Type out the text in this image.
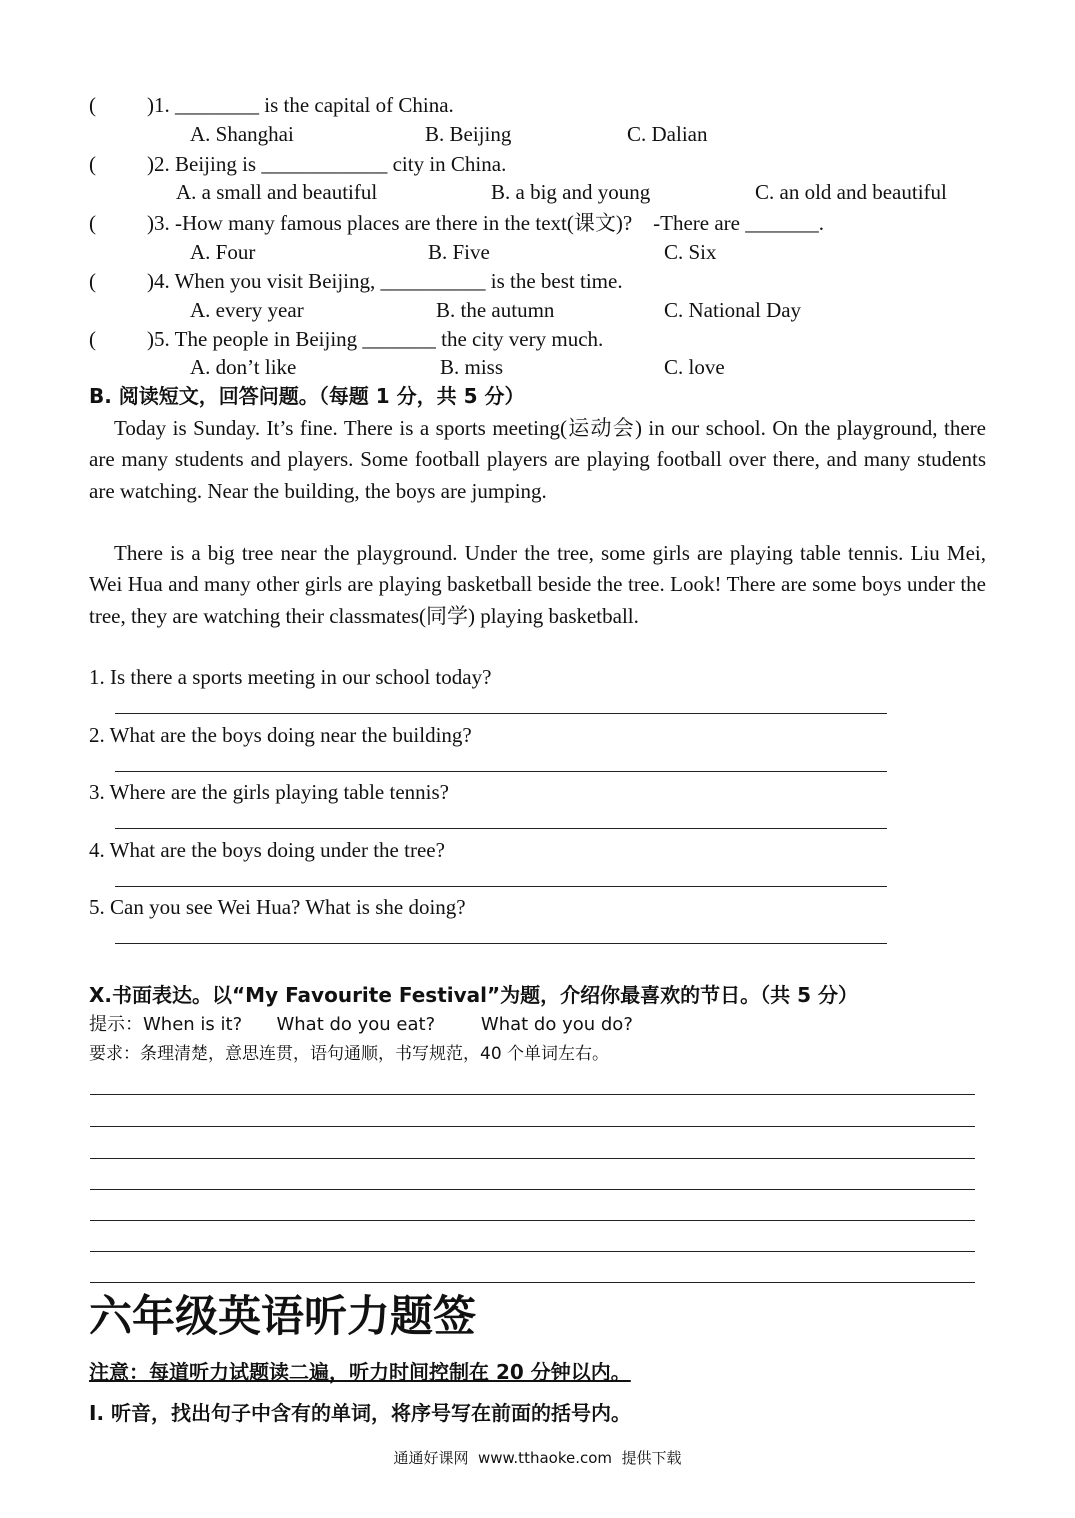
( )1. ________ is the capital of China.
A. Shanghai	B. Beijing	C. Dalian
( )2. Beijing is ____________ city in China.
A. a small and beautiful	B. a big and young	C. an old and beautiful
( )3. -How many famous places are there in the text(课文)?    -There are _______.
A. Four	B. Five	C. Six
( )4. When you visit Beijing, __________ is the best time.
A. every year	B. the autumn	C. National Day
( )5. The people in Beijing _______ the city very much.
A. don’t like	B. miss	C. love
B. 阅读短文，回答问题。（每题 1 分，共 5 分）
Today is Sunday. It’s fine. There is a sports meeting(运动会) in our school. On the playground, there are many students and players. Some football players are playing football over there, and many students are watching. Near the building, the boys are jumping.
There is a big tree near the playground. Under the tree, some girls are playing table tennis. Liu Mei, Wei Hua and many other girls are playing basketball beside the tree. Look! There are some boys under the tree, they are watching their classmates(同学) playing basketball.
1. Is there a sports meeting in our school today?
2. What are the boys doing near the building?
3. Where are the girls playing table tennis?
4. What are the boys doing under the tree?
5. Can you see Wei Hua? What is she doing?
X.书面表达。以“My Favourite Festival”为题，介绍你最喜欢的节日。（共 5 分）
提示：When is it?      What do you eat?        What do you do?
要求：条理清楚，意思连贯，语句通顺，书写规范，40 个单词左右。
六年级英语听力题签
注意：每道听力试题读二遍，听力时间控制在 20 分钟以内。
Ⅰ. 听音，找出句子中含有的单词，将序号写在前面的括号内。
通通好课网  www.tthaoke.com  提供下载
